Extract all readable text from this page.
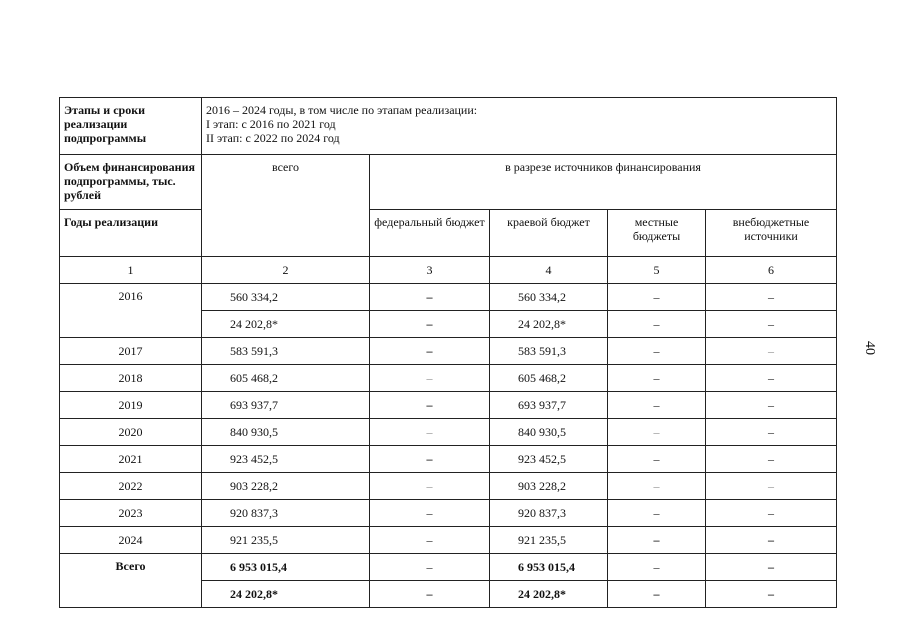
Этапы и сроки реализации подпрограммы	2016 – 2024 годы, в том числе по этапам реализации:
I этап: с 2016 по 2021 год
II этап: с 2022 по 2024 год				

Объем финансирования подпрограммы, тыс. рублей	всего	в разрезе источников финансирования			
Годы реализации		федеральный бюджет	краевой бюджет	местные бюджеты	внебюджетные источники
1	2	3	4	5	6
2016	560 334,2	–	560 334,2	–	–
	24 202,8*	–	24 202,8*	–	–
2017	583 591,3	–	583 591,3	–	–
2018	605 468,2	–	605 468,2	–	–
2019	693 937,7	–	693 937,7	–	–
2020	840 930,5	–	840 930,5	–	–
2021	923 452,5	–	923 452,5	–	–
2022	903 228,2	–	903 228,2	–	–
2023	920 837,3	–	920 837,3	–	–
2024	921 235,5	–	921 235,5	–	–
Всего	6 953 015,4	–	6 953 015,4	–	–
	24 202,8*	–	24 202,8*	–	–
40
